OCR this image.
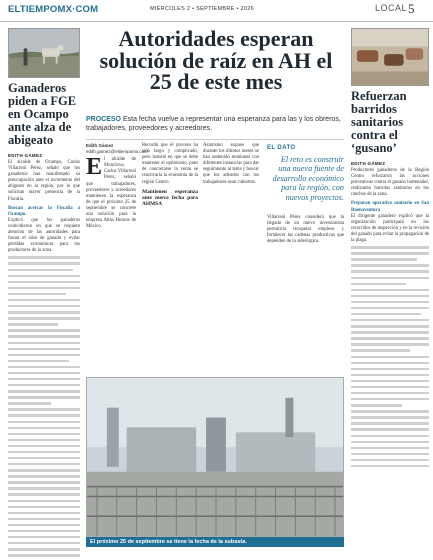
ELTIEMPOMX·COM	MIÉRCOLES 2 • SEPTIEMBRE • 2026	LOCAL 5
Ganaderos piden a FGE en Ocampo ante alza de abigeato
EDITH GÁMEZ
El alcalde de Ocampo, Carlos Villarreal Pérez, señaló que los ganaderos han manifestado su preocupación ante el incremento del abigeato en la región, por lo que solicitan mayor presencia de la Fiscalía.
Buscan acercar la Fiscalía a Ocampo.
Explicó que los ganaderos coincidieron en que se requiere atención de las autoridades para frenar el robo de ganado y evitar pérdidas económicas para los productores de la zona.
Autoridades esperan solución de raíz en AH el 25 de este mes
PROCESO Esta fecha vuelve a representar una esperanza para las y los obreros, trabajadores, proveedores y acreedores.
Edith Gámez
edith.gamez@eltiempomx.com
El alcalde de Monclova, Carlos Villarreal Pérez, señaló que trabajadores, proveedores y acreedores mantienen la esperanza de que el próximo 25 de septiembre se concrete una solución para la empresa Altos Hornos de México.
Recordó que el proceso ha sido largo y complicado, pero insistió en que se debe mantener el optimismo, pues de concretarse la venta se reactivaría la economía de la región Centro.
Mantienen esperanza ante nueva fecha para AHMSA
Asimismo expuso que durante los últimos meses se han sostenido reuniones con diferentes instancias para dar seguimiento al tema y buscar que los adeudos con los trabajadores sean cubiertos.
EL DATO
El reto es construir una nueva fuente de desarrollo económico para la región, con nuevos proyectos.
Villarreal Pérez consideró que la llegada de un nuevo inversionista permitiría recuperar empleos y fortalecer las cadenas productivas que dependen de la siderúrgica.
El próximo 25 de septiembre se tiene la fecha de la subasta.
Refuerzan barridos sanitarios contra el ‘gusano’
EDITH GÁMEZ
Productores ganaderos de la Región Centro reforzaron las acciones preventivas contra el gusano barrenador, realizando barridos sanitarios en los ranchos de la zona.
Preparan operativo sanitario en San Buenaventura
El dirigente ganadero explicó que la organización participará en los recorridos de inspección y en la revisión del ganado para evitar la propagación de la plaga.
